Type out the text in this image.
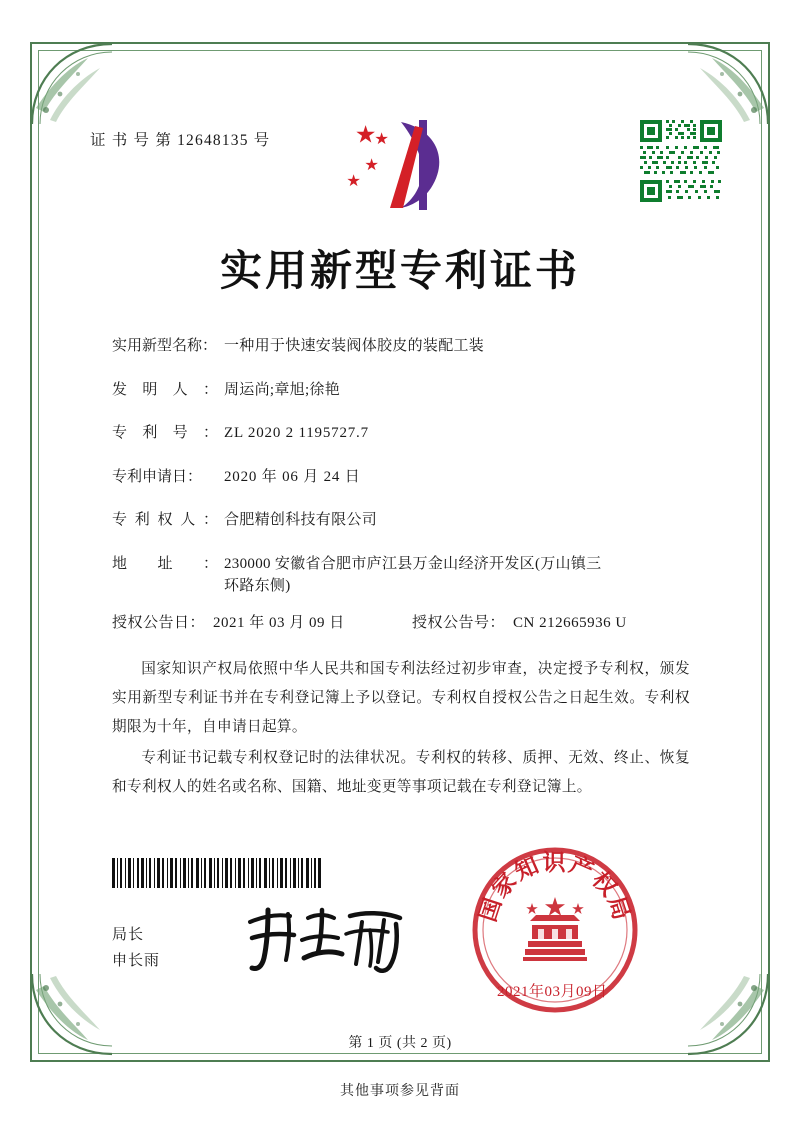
证 书 号 第 12648135 号
实用新型专利证书
实用新型名称： 一种用于快速安装阀体胶皮的装配工装
发 明 人 ： 周运尚;章旭;徐艳
专 利 号 ： ZL 2020 2 1195727.7
专利申请日：	2020 年 06 月 24 日
专 利 权 人 ： 合肥精创科技有限公司
地 址 ： 230000 安徽省合肥市庐江县万金山经济开发区(万山镇三
环路东侧)
授权公告日： 2021 年 03 月 09 日	授权公告号： CN 212665936 U

国家知识产权局依照中华人民共和国专利法经过初步审查，决定授予专利权，颁发实用新型专利证书并在专利登记簿上予以登记。专利权自授权公告之日起生效。专利权期限为十年，自申请日起算。

专利证书记载专利权登记时的法律状况。专利权的转移、质押、无效、终止、恢复和专利权人的姓名或名称、国籍、地址变更等事项记载在专利登记簿上。

局长
申长雨
国家知识产权局
2021年03月09日
第 1 页 (共 2 页)
其他事项参见背面
